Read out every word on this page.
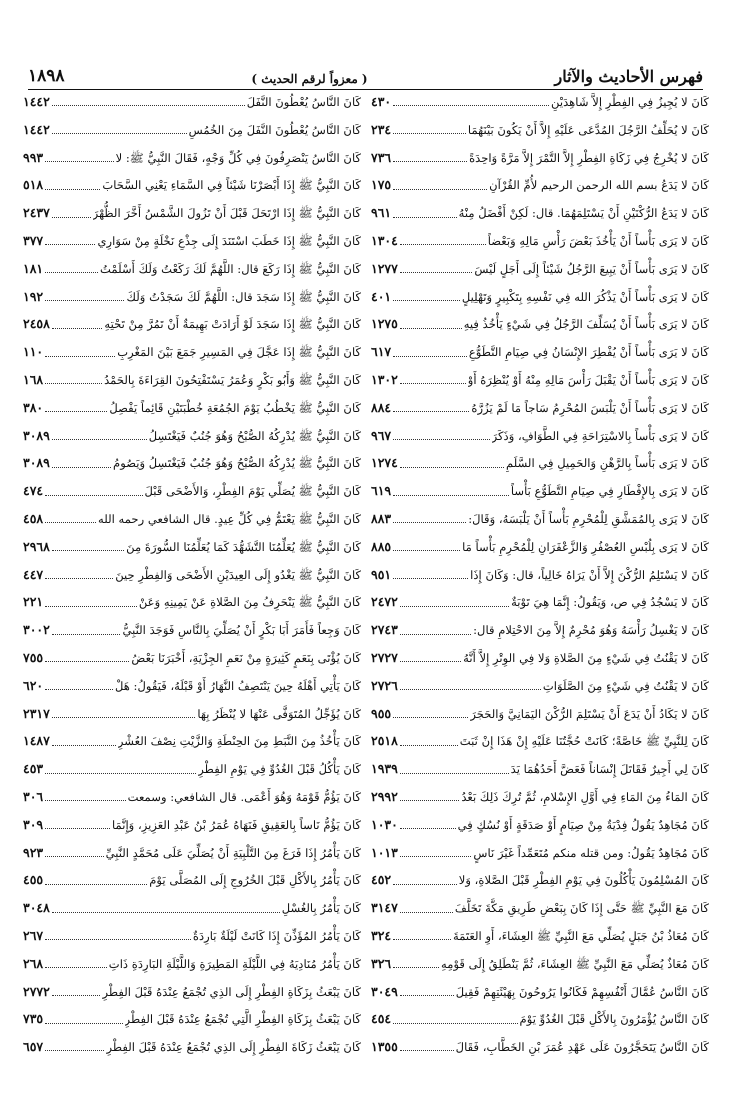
١٨٩٨	( معزواً لرقم الحديث )	فهرس الأحاديث والآثار
كَانَ لا يُجِيزُ فِي الفِطْرِ إِلاَّ شَاهِدَيْنِ
٤٣٠
كَانَ لا يُحَلِّفُ الرَّجُلَ المُدَّعَى عَلَيْهِ إِلاَّ أَنْ يَكُونَ بَيْنَهُمَا
٢٣٤
كَانَ لا يُخْرِجُ فِي زَكَاةِ الفِطْرِ إِلاَّ التَّمْرَ إِلاَّ مَرَّةً وَاحِدَةً
٧٣٦
كَانَ لا يَدَعُ بسم الله الرحمن الرحيم لأُمِّ القُرْآنِ
١٧٥
كَانَ لا يَدَعُ الرُّكْنَيْنِ أَنْ يَسْتَلِمَهُمَا. قال: لَكِنْ أَفْضَلُ مِنْهُ
٩٦١
كَانَ لا يَرَى بَأْساً أَنْ يَأْخُذَ بَعْضَ رَأْسِ مَالِهِ وَبَعْضاً
١٣٠٤
كَانَ لا يَرَى بَأْساً أَنْ يَبِيعَ الرَّجُلُ شَيْئاً إِلَى أَجَلٍ لَيْسَ
١٢٧٧
كَانَ لا يَرَى بَأْساً أَنْ يَذْكُرَ الله فِي نَفْسِهِ بِتَكْبِيرٍ وَتَهْلِيلٍ
٤٠١
كَانَ لا يَرَى بَأْساً أَنْ يُسَلِّفَ الرَّجُلُ فِي شَيْءٍ يَأْخُذُ فِيهِ
١٢٧٥
كَانَ لا يَرَى بَأْساً أَنْ يُفْطِرَ الإِنْسَانُ فِي صِيَامِ التَّطَوُّعِ
٦١٧
كَانَ لا يَرَى بَأْساً أَنْ يَقْبَلَ رَأْسَ مَالِهِ مِنْهُ أَوْ يُنْظِرَهُ أَوْ
١٣٠٢
كَانَ لا يَرَى بَأْساً أَنْ يَلْبَسَ المُحْرِمُ سَاجاً مَا لَمْ يَزُرَّهُ
٨٨٤
كَانَ لا يَرَى بَأْساً بِالاسْتِرَاحَةِ فِي الطَّوَافِ، وَذَكَرَ
٩٦٧
كَانَ لا يَرَى بَأْساً بِالرَّهْنِ وَالحَمِيلِ فِي السَّلَمِ
١٢٧٤
كَانَ لا يَرَى بِالإِفْطَارِ فِي صِيَامِ التَّطَوُّعِ بَأْساً
٦١٩
كَانَ لا يَرَى بِالمُمَشَّقِ لِلْمُحْرِمِ بَأْساً أَنْ يَلْبَسَهُ، وَقَالَ:
٨٨٣
كَانَ لا يَرَى بِلُبْسِ العُصْفُرِ وَالزَّعْفَرَانِ لِلْمُحْرِمِ بَأْساً مَا
٨٨٥
كَانَ لا يَسْتَلِمُ الرُّكْنَ إِلاَّ أَنْ يَرَاهُ خَالِياً، قال: وَكَانَ إِذَا
٩٥١
كَانَ لا يَسْجُدُ فِي ص، وَيَقُولُ: إِنَّمَا هِيَ تَوْبَةٌ
٢٤٧٢
كَانَ لا يَغْسِلُ رَأْسَهُ وَهُوَ مُحْرِمٌ إِلاَّ مِنَ الاحْتِلامِ قال:
٢٧٤٣
كَانَ لا يَقْنُتُ فِي شَيْءٍ مِنَ الصَّلاةِ وَلا فِي الوِتْرِ إِلاَّ أَنَّهُ
٢٧٢٧
كَانَ لا يَقْنُتُ فِي شَيْءٍ مِنَ الصَّلَوَاتِ
٢٧٢٦
كَانَ لا يَكَادُ أَنْ يَدَعَ أَنْ يَسْتَلِمَ الرُّكْنَ اليَمَانِيَّ وَالحَجَرَ
٩٥٥
كَانَ لِلنَّبِيِّ ﷺ خَاصَّةً؛ كَانَتْ حُجَّتُنَا عَلَيْهِ إِنْ هَذَا إِنْ ثَبَتَ
٢٥١٨
كَانَ لِي أَجِيرٌ فَقَاتَلَ إِنْسَاناً فَعَضَّ أَحَدُهُمَا يَدَ
١٩٣٩
كَانَ المَاءُ مِنَ المَاءِ فِي أَوَّلِ الإِسْلامِ، ثُمَّ تُرِكَ ذَلِكَ بَعْدُ
٢٩٩٢
كَانَ مُجَاهِدٌ يَقُولُ فِدْيَةٌ مِنْ صِيَامٍ أَوْ صَدَقَةٍ أَوْ نُسُكٍ فِي
١٠٣٠
كَانَ مُجَاهِدٌ يَقُولُ: ومن قتله منكم مُتَعَمِّداً غَيْرَ نَاسٍ
١٠١٣
كَانَ المُسْلِمُونَ يَأْكُلُونَ فِي يَوْمِ الفِطْرِ قَبْلَ الصَّلاةِ، وَلا
٤٥٢
كَانَ مَعَ النَّبِيِّ ﷺ حَتَّى إِذَا كَانَ بِبَعْضِ طَرِيقِ مَكَّةَ تَخَلَّفَ
٣١٤٧
كَانَ مُعَاذُ بْنُ جَبَلٍ يُصَلِّي مَعَ النَّبِيِّ ﷺ العِشَاءَ، أَوِ العَتَمَةَ
٣٢٤
كَانَ مُعَاذٌ يُصَلِّي مَعَ النَّبِيِّ ﷺ العِشَاءَ، ثُمَّ يَنْطَلِقُ إِلَى قَوْمِهِ
٣٢٦
كَانَ النَّاسُ عُمَّالَ أَنْفُسِهِمْ فَكَانُوا يَرُوحُونَ بِهَيْئَتِهِمْ فَقِيلَ
٣٠٤٩
كَانَ النَّاسُ يُؤْمَرُونَ بِالأَكْلِ قَبْلَ الغُدُوِّ يَوْمَ
٤٥٤
كَانَ النَّاسُ يَتَحَجَّرُونَ عَلَى عَهْدِ عُمَرَ بْنِ الخَطَّابِ، فَقَالَ
١٣٥٥
كَانَ النَّاسُ يُعْطُونَ النَّفَلَ
١٤٤٢
كَانَ النَّاسُ يُعْطُونَ النَّفَلَ مِنَ الخُمُسِ
١٤٤٢
كَانَ النَّاسُ يَنْصَرِفُونَ فِي كُلِّ وَجْهٍ، فَقَالَ النَّبِيُّ ﷺ: لا
٩٩٣
كَانَ النَّبِيُّ ﷺ إِذَا أَبْصَرْنَا شَيْئاً فِي السَّمَاءِ يَعْنِي السَّحَابَ
٥١٨
كَانَ النَّبِيُّ ﷺ إِذَا ارْتَحَلَ قَبْلَ أَنْ تَزُولَ الشَّمْسُ أَخَّرَ الظُّهْرَ
٢٤٣٧
كَانَ النَّبِيُّ ﷺ إِذَا خَطَبَ اسْتَنَدَ إِلَى جِذْعِ نَخْلَةٍ مِنْ سَوَارِي
٣٧٧
كَانَ النَّبِيُّ ﷺ إِذَا رَكَعَ قال: اللَّهُمَّ لَكَ رَكَعْتُ وَلَكَ أَسْلَمْتُ
١٨١
كَانَ النَّبِيُّ ﷺ إِذَا سَجَدَ قال: اللَّهُمَّ لَكَ سَجَدْتُ وَلَكَ
١٩٢
كَانَ النَّبِيُّ ﷺ إِذَا سَجَدَ لَوْ أَرَادَتْ بَهِيمَةٌ أَنْ تَمُرَّ مِنْ تَحْتِهِ
٢٤٥٨
كَانَ النَّبِيُّ ﷺ إِذَا عَجَّلَ فِي المَسِيرِ جَمَعَ بَيْنَ المَغْرِبِ
١١٠
كَانَ النَّبِيُّ ﷺ وَأَبُو بَكْرٍ وَعُمَرُ يَسْتَفْتِحُونَ القِرَاءَةَ بِالحَمْدُ
١٦٨
كَانَ النَّبِيُّ ﷺ يَخْطُبُ يَوْمَ الجُمُعَةِ خُطْبَتَيْنِ قَائِماً يَفْصِلُ
٣٨٠
كَانَ النَّبِيُّ ﷺ يُدْرِكُهُ الصُّبْحُ وَهُوَ جُنُبٌ فَيَغْتَسِلُ
٣٠٨٩
كَانَ النَّبِيُّ ﷺ يُدْرِكُهُ الصُّبْحُ وَهُوَ جُنُبٌ فَيَغْتَسِلُ وَيَصُومُ
٣٠٨٩
كَانَ النَّبِيُّ ﷺ يُصَلِّي يَوْمَ الفِطْرِ، وَالأَضْحَى قَبْلَ
٤٧٤
كَانَ النَّبِيُّ ﷺ يَعْتَمُّ فِي كُلِّ عِيدٍ. قال الشافعي رحمه الله
٤٥٨
كَانَ النَّبِيُّ ﷺ يُعَلِّمُنَا التَّشَهُّدَ كَمَا يُعَلِّمُنَا السُّورَةَ مِنَ
٢٩٦٨
كَانَ النَّبِيُّ ﷺ يَغْدُو إِلَى العِيدَيْنِ الأَضْحَى وَالفِطْرِ حِينَ
٤٤٧
كَانَ النَّبِيُّ ﷺ يَنْحَرِفُ مِنَ الصَّلاةِ عَنْ يَمِينِهِ وَعَنْ
٢٢١
كَانَ وَجِعاً فَأَمَرَ أَبَا بَكْرٍ أَنْ يُصَلِّيَ بِالنَّاسِ فَوَجَدَ النَّبِيُّ
٣٠٠٢
كَانَ يُؤْتَى بِنَعَمٍ كَثِيرَةٍ مِنْ نَعَمِ الجِزْيَةِ، أَخْبَرَنَا بَعْضُ
٧٥٥
كَانَ يَأْتِي أَهْلَهُ حِينَ يَنْتَصِفُ النَّهَارُ أَوْ قَبْلَهُ، فَيَقُولُ: هَلْ
٦٢٠
كَانَ يُؤَجِّلُ المُتَوَفَّى عَنْهَا لا يُنْظَرُ بِهَا
٢٣١٧
كَانَ يَأْخُذُ مِنَ النَّبَطِ مِنَ الحِنْطَةِ وَالزَّيْتِ نِصْفَ العُشْرِ
١٤٨٧
كَانَ يَأْكُلُ قَبْلَ الغُدُوِّ فِي يَوْمِ الفِطْرِ
٤٥٣
كَانَ يَؤُمُّ قَوْمَهُ وَهُوَ أَعْمَى. قال الشافعي: وسمعت
٣٠٦
كَانَ يَؤُمُّ نَاساً بِالعَقِيقِ فَنَهَاهُ عُمَرُ بْنُ عَبْدِ العَزِيزِ، وَإِنَّمَا
٣٠٩
كَانَ يَأْمُرُ إِذَا فَرَغَ مِنَ التَّلْبِيَةِ أَنْ يُصَلِّيَ عَلَى مُحَمَّدٍ النَّبِيِّ
٩٢٣
كَانَ يَأْمُرُ بِالأَكْلِ قَبْلَ الخُرُوجِ إِلَى المُصَلَّى يَوْمَ
٤٥٥
كَانَ يَأْمُرُ بِالغُسْلِ
٣٠٤٨
كَانَ يَأْمُرُ المُؤَذِّنَ إِذَا كَانَتْ لَيْلَةٌ بَارِدَةٌ
٢٦٧
كَانَ يَأْمُرُ مُنَادِيَهُ فِي اللَّيْلَةِ المَطِيرَةِ وَاللَّيْلَةِ البَارِدَةِ ذَاتِ
٢٦٨
كَانَ يَبْعَثُ بِزَكَاةِ الفِطْرِ إِلَى الذِي تُجْمَعُ عِنْدَهُ قَبْلَ الفِطْرِ
٢٧٧٢
كَانَ يَبْعَثُ بِزَكَاةِ الفِطْرِ الَّتِي تُجْمَعُ عِنْدَهُ قَبْلَ الفِطْرِ
٧٣٥
كَانَ يَبْعَثُ زَكَاةَ الفِطْرِ إِلَى الذِي تُجْمَعُ عِنْدَهُ قَبْلَ الفِطْرِ
٦٥٧
